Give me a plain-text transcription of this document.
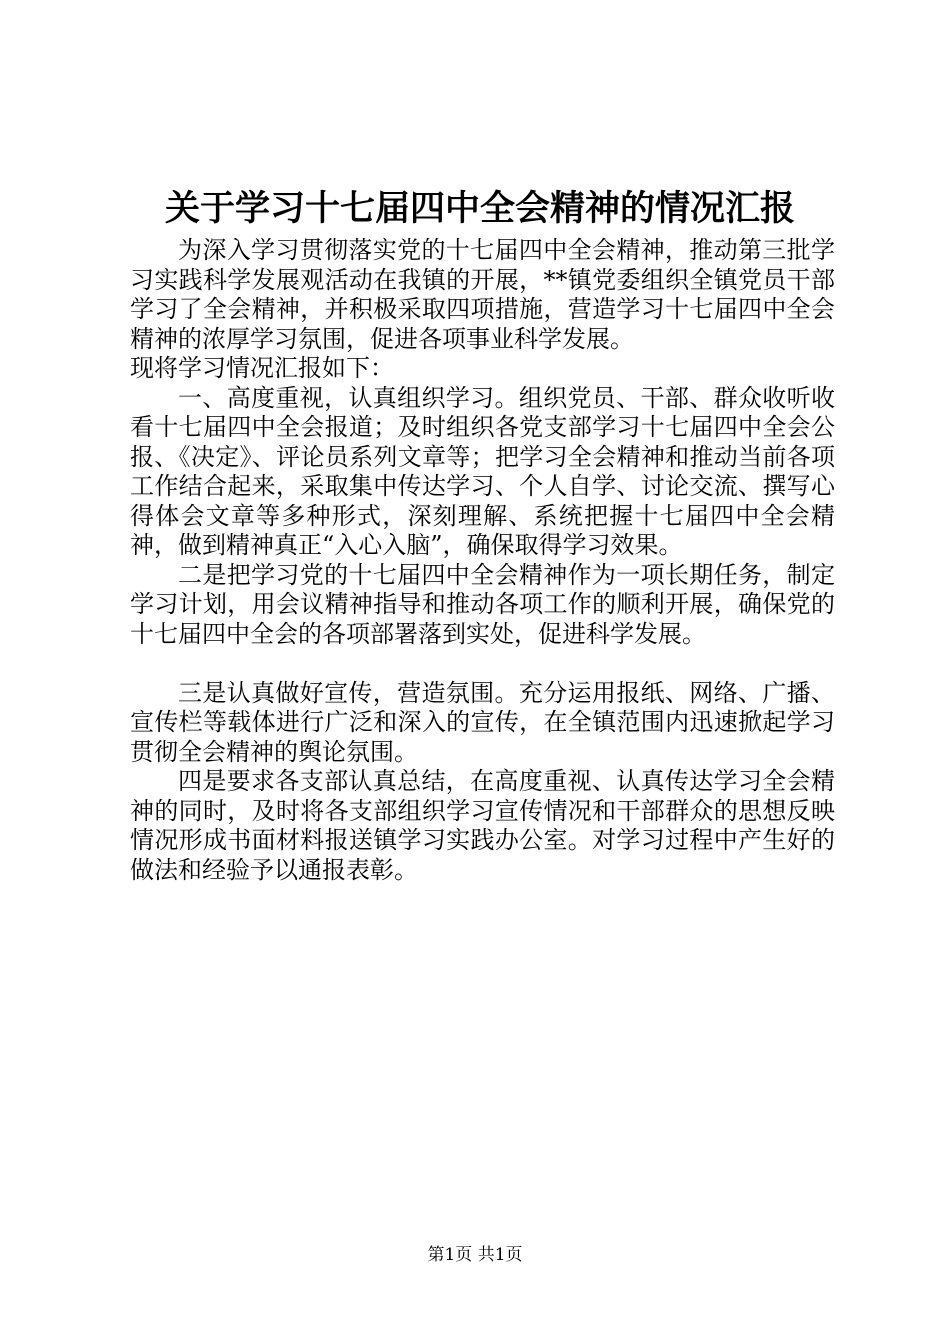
关于学习十七届四中全会精神的情况汇报

为深入学习贯彻落实党的十七届四中全会精神，推动第三批学习实践科学发展观活动在我镇的开展，**镇党委组织全镇党员干部学习了全会精神，并积极采取四项措施，营造学习十七届四中全会精神的浓厚学习氛围，促进各项事业科学发展。

现将学习情况汇报如下：

一、高度重视，认真组织学习。组织党员、干部、群众收听收看十七届四中全会报道；及时组织各党支部学习十七届四中全会公报、《决定》、评论员系列文章等；把学习全会精神和推动当前各项工作结合起来，采取集中传达学习、个人自学、讨论交流、撰写心得体会文章等多种形式，深刻理解、系统把握十七届四中全会精神，做到精神真正“入心入脑”，确保取得学习效果。

二是把学习党的十七届四中全会精神作为一项长期任务，制定学习计划，用会议精神指导和推动各项工作的顺利开展，确保党的十七届四中全会的各项部署落到实处，促进科学发展。

三是认真做好宣传，营造氛围。充分运用报纸、网络、广播、宣传栏等载体进行广泛和深入的宣传，在全镇范围内迅速掀起学习贯彻全会精神的舆论氛围。

四是要求各支部认真总结，在高度重视、认真传达学习全会精神的同时，及时将各支部组织学习宣传情况和干部群众的思想反映情况形成书面材料报送镇学习实践办公室。对学习过程中产生好的做法和经验予以通报表彰。

第1页 共1页
